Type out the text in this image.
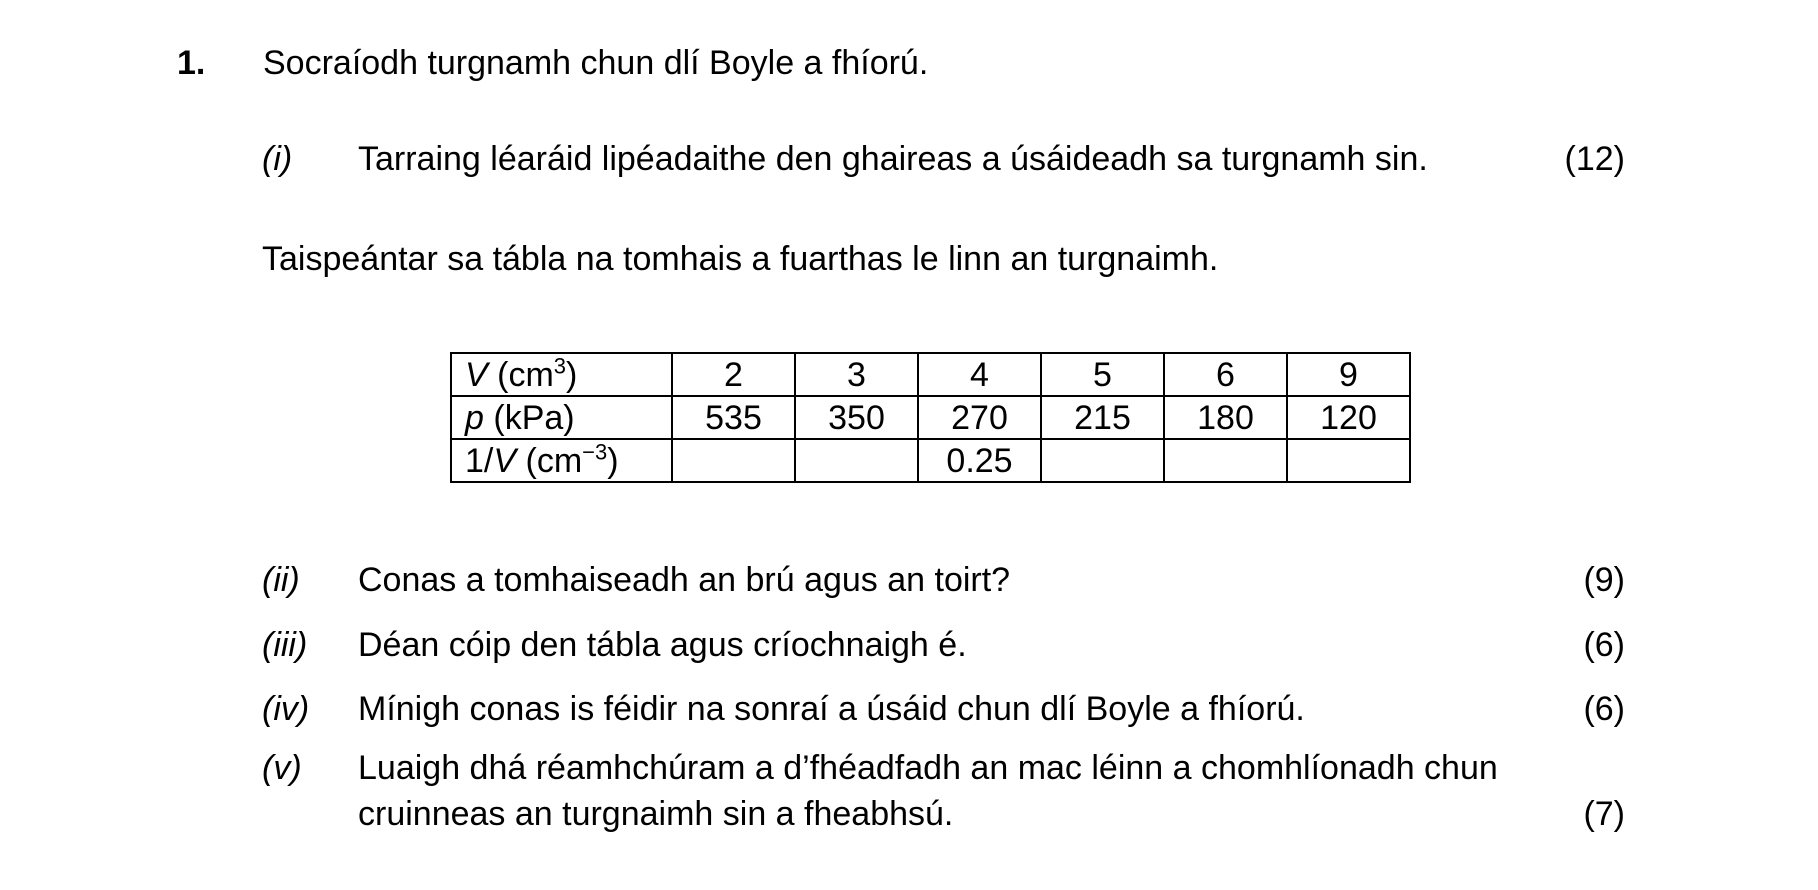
1. Socraíodh turgnamh chun dlí Boyle a fhíorú.
(i) Tarraing léaráid lipéadaithe den ghaireas a úsáideadh sa turgnamh sin.	(12)
Taispeántar sa tábla na tomhais a fuarthas le linn an turgnaimh.
V $(cm^3)$	2	3	4	5	6	9
p (kPa)	535	350	270	215	180	120
1/V $(cm^{-3})$			0.25			
(ii) Conas a tomhaiseadh an brú agus an toirt?	(9)
(iii) Déan cóip den tábla agus críochnaigh é.	(6)
(iv) Mínigh conas is féidir na sonraí a úsáid chun dlí Boyle a fhíorú.	(6)
(v) Luaigh dhá réamhchúram a d’fhéadfadh an mac léinn a chomhlíonadh chun
cruinneas an turgnaimh sin a fheabhsú.	(7)
